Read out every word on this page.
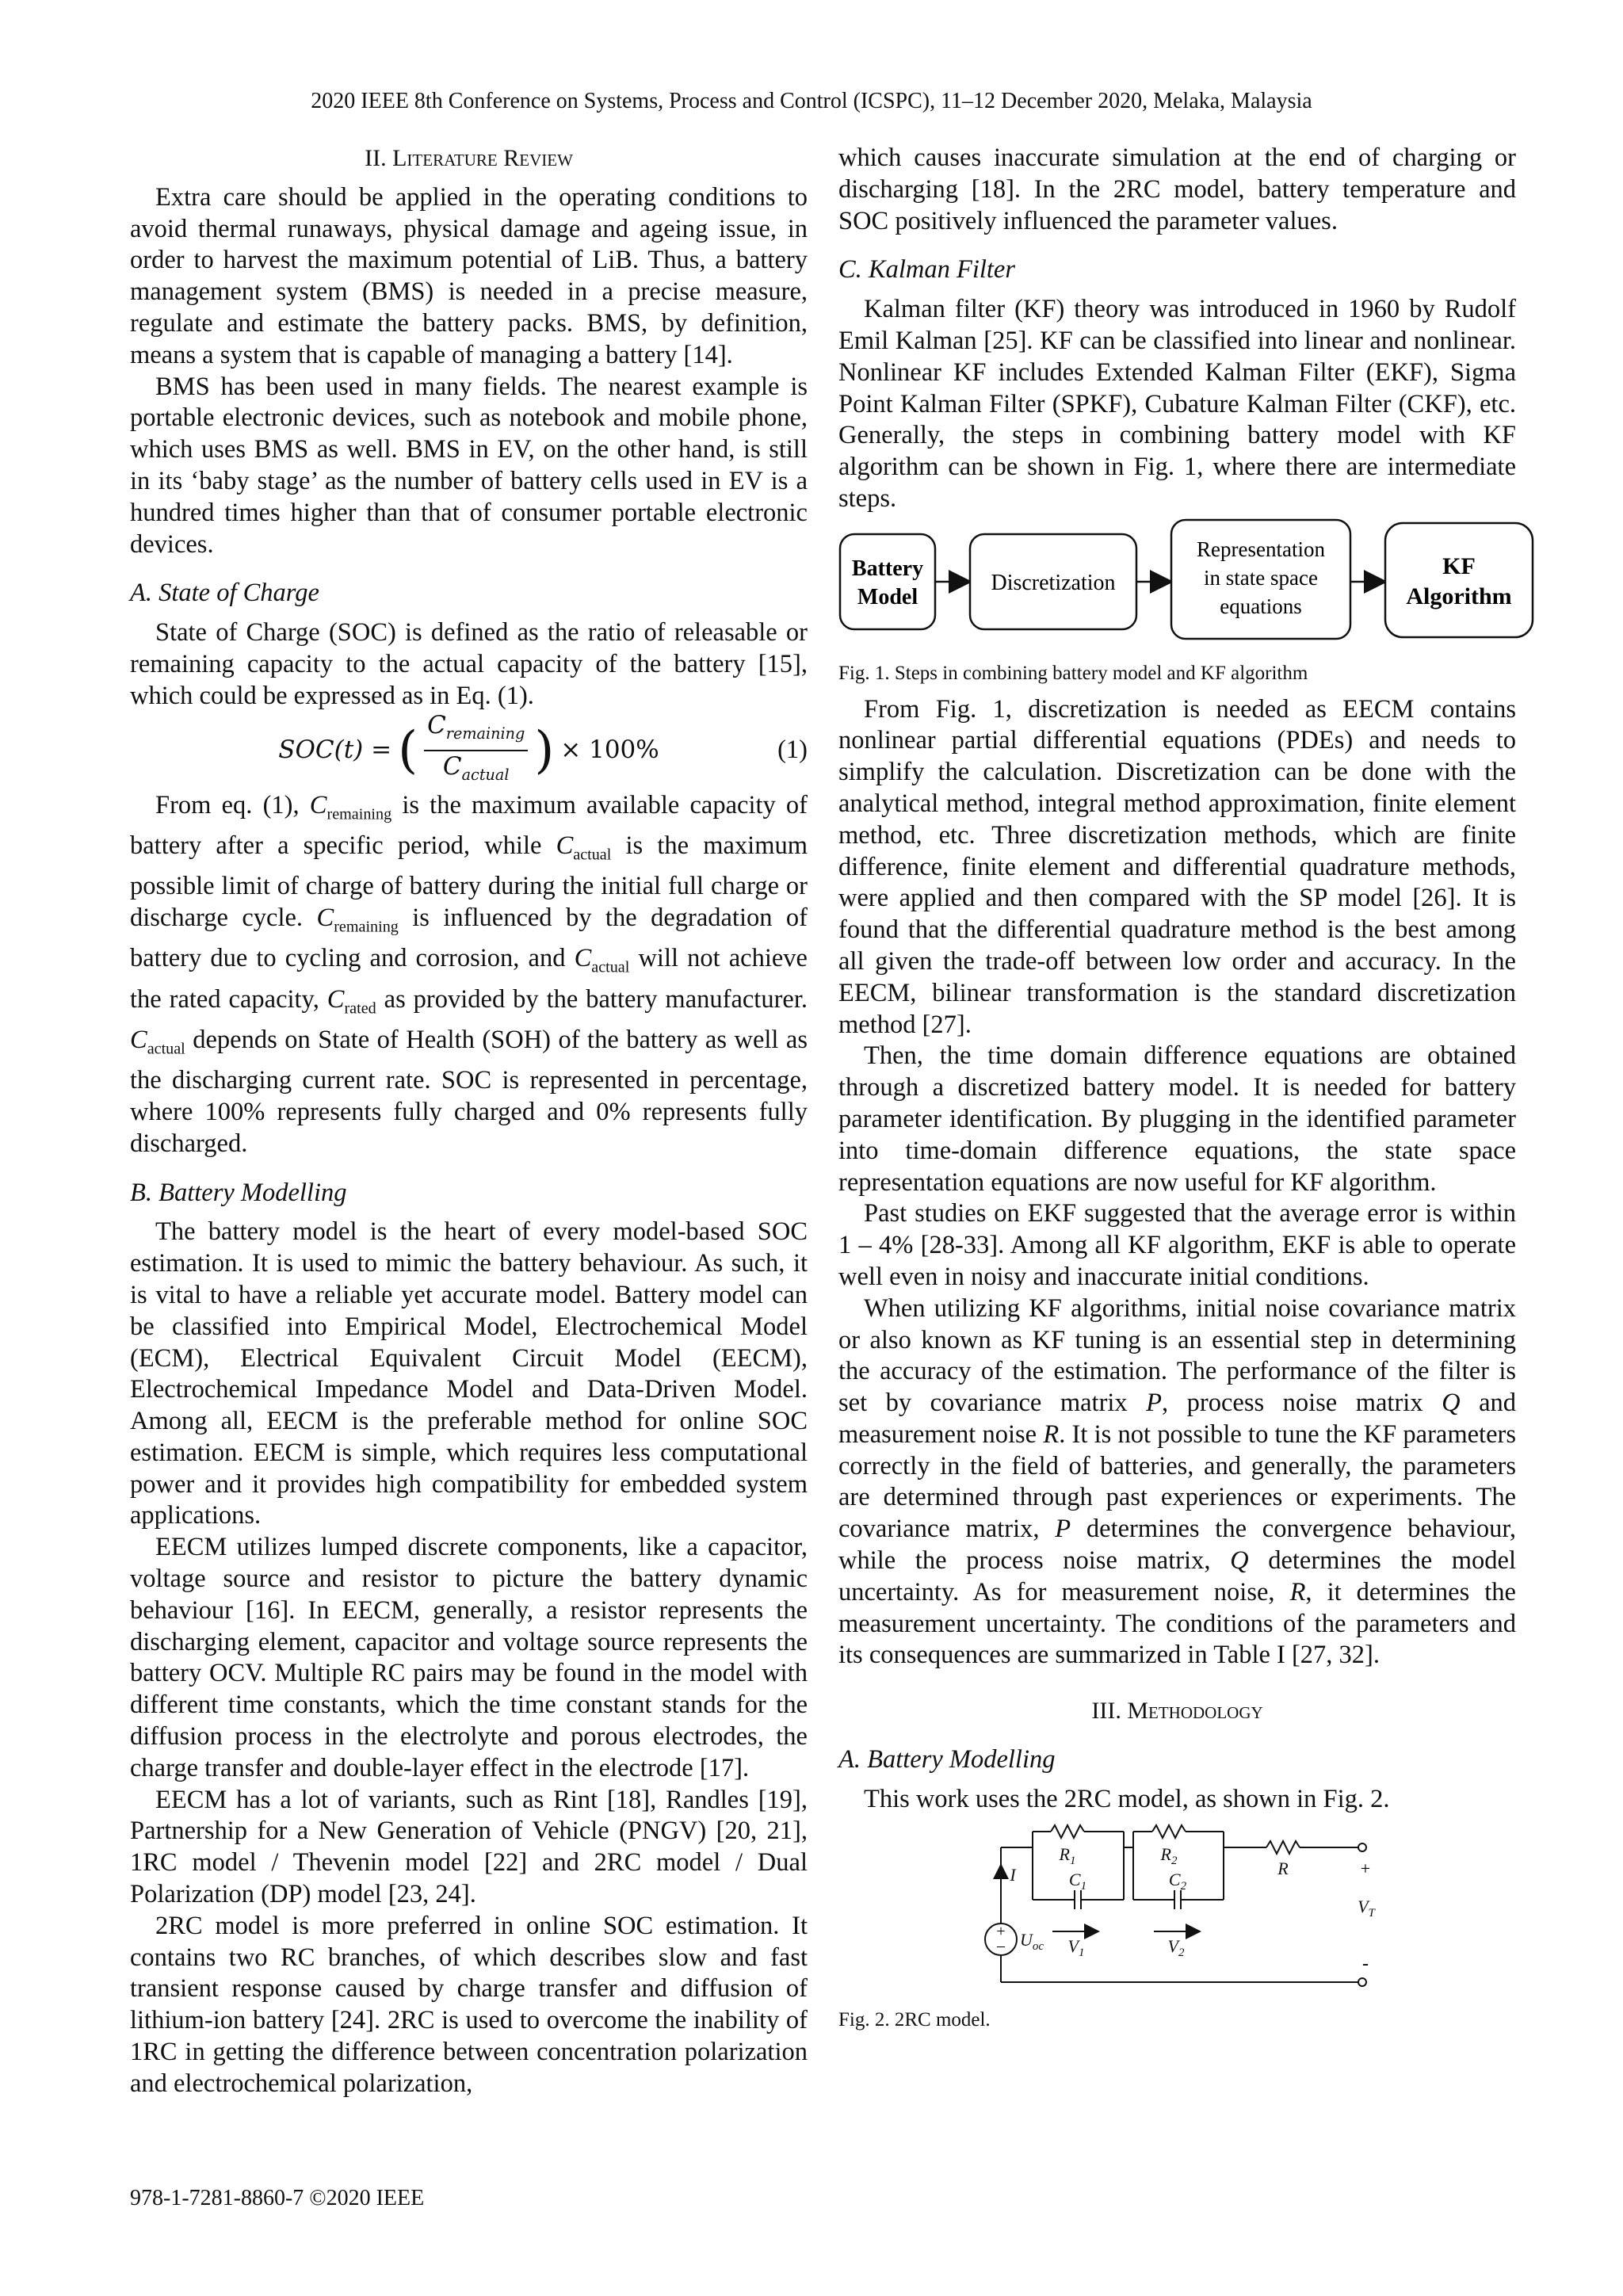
2020 IEEE 8th Conference on Systems, Process and Control (ICSPC), 11–12 December 2020, Melaka, Malaysia
II. Literature Review

Extra care should be applied in the operating conditions to avoid thermal runaways, physical damage and ageing issue, in order to harvest the maximum potential of LiB. Thus, a battery management system (BMS) is needed in a precise measure, regulate and estimate the battery packs. BMS, by definition, means a system that is capable of managing a battery [14].

BMS has been used in many fields. The nearest example is portable electronic devices, such as notebook and mobile phone, which uses BMS as well. BMS in EV, on the other hand, is still in its ‘baby stage’ as the number of battery cells used in EV is a hundred times higher than that of consumer portable electronic devices.

A. State of Charge

State of Charge (SOC) is defined as the ratio of releasable or remaining capacity to the actual capacity of the battery [15], which could be expressed as in Eq. (1).

SOC(t) = ( $\frac{C_{remaining}}{C_{actual}}$ ) × 100%	(1)

From eq. (1), $C_{remaining}$ is the maximum available capacity of battery after a specific period, while $C_{actual}$ is the maximum possible limit of charge of battery during the initial full charge or discharge cycle. $C_{remaining}$ is influenced by the degradation of battery due to cycling and corrosion, and $C_{actual}$ will not achieve the rated capacity, $C_{rated}$ as provided by the battery manufacturer. $C_{actual}$ depends on State of Health (SOH) of the battery as well as the discharging current rate. SOC is represented in percentage, where 100% represents fully charged and 0% represents fully discharged.

B. Battery Modelling

The battery model is the heart of every model-based SOC estimation. It is used to mimic the battery behaviour. As such, it is vital to have a reliable yet accurate model. Battery model can be classified into Empirical Model, Electrochemical Model (ECM), Electrical Equivalent Circuit Model (EECM), Electrochemical Impedance Model and Data-Driven Model. Among all, EECM is the preferable method for online SOC estimation. EECM is simple, which requires less computational power and it provides high compatibility for embedded system applications.

EECM utilizes lumped discrete components, like a capacitor, voltage source and resistor to picture the battery dynamic behaviour [16]. In EECM, generally, a resistor represents the discharging element, capacitor and voltage source represents the battery OCV. Multiple RC pairs may be found in the model with different time constants, which the time constant stands for the diffusion process in the electrolyte and porous electrodes, the charge transfer and double-layer effect in the electrode [17].

EECM has a lot of variants, such as Rint [18], Randles [19], Partnership for a New Generation of Vehicle (PNGV) [20, 21], 1RC model / Thevenin model [22] and 2RC model / Dual Polarization (DP) model [23, 24].

2RC model is more preferred in online SOC estimation. It contains two RC branches, of which describes slow and fast transient response caused by charge transfer and diffusion of lithium-ion battery [24]. 2RC is used to overcome the inability of 1RC in getting the difference between concentration polarization and electrochemical polarization,

which causes inaccurate simulation at the end of charging or discharging [18]. In the 2RC model, battery temperature and SOC positively influenced the parameter values.

C. Kalman Filter

Kalman filter (KF) theory was introduced in 1960 by Rudolf Emil Kalman [25]. KF can be classified into linear and nonlinear. Nonlinear KF includes Extended Kalman Filter (EKF), Sigma Point Kalman Filter (SPKF), Cubature Kalman Filter (CKF), etc. Generally, the steps in combining battery model with KF algorithm can be shown in Fig. 1, where there are intermediate steps.

Battery
Model
Discretization
Representation
in state space
equations
KF
Algorithm
Fig. 1. Steps in combining battery model and KF algorithm

From Fig. 1, discretization is needed as EECM contains nonlinear partial differential equations (PDEs) and needs to simplify the calculation. Discretization can be done with the analytical method, integral method approximation, finite element method, etc. Three discretization methods, which are finite difference, finite element and differential quadrature methods, were applied and then compared with the SP model [26]. It is found that the differential quadrature method is the best among all given the trade-off between low order and accuracy. In the EECM, bilinear transformation is the standard discretization method [27].

Then, the time domain difference equations are obtained through a discretized battery model. It is needed for battery parameter identification. By plugging in the identified parameter into time-domain difference equations, the state space representation equations are now useful for KF algorithm.

Past studies on EKF suggested that the average error is within 1 – 4% [28-33]. Among all KF algorithm, EKF is able to operate well even in noisy and inaccurate initial conditions.

When utilizing KF algorithms, initial noise covariance matrix or also known as KF tuning is an essential step in determining the accuracy of the estimation. The performance of the filter is set by covariance matrix P, process noise matrix Q and measurement noise R. It is not possible to tune the KF parameters correctly in the field of batteries, and generally, the parameters are determined through past experiences or experiments. The covariance matrix, P determines the convergence behaviour, while the process noise matrix, Q determines the model uncertainty. As for measurement noise, R, it determines the measurement uncertainty. The conditions of the parameters and its consequences are summarized in Table I [27, 32].

III. Methodology
A. Battery Modelling

This work uses the 2RC model, as shown in Fig. 2.

+
–
$R_1$	$R_2$	R
$C_1$	$C_2$
$V_1$	$V_2$
I
$U_{oc}$
$V_T$
+
-
Fig. 2. 2RC model.
978-1-7281-8860-7 ©2020 IEEE
